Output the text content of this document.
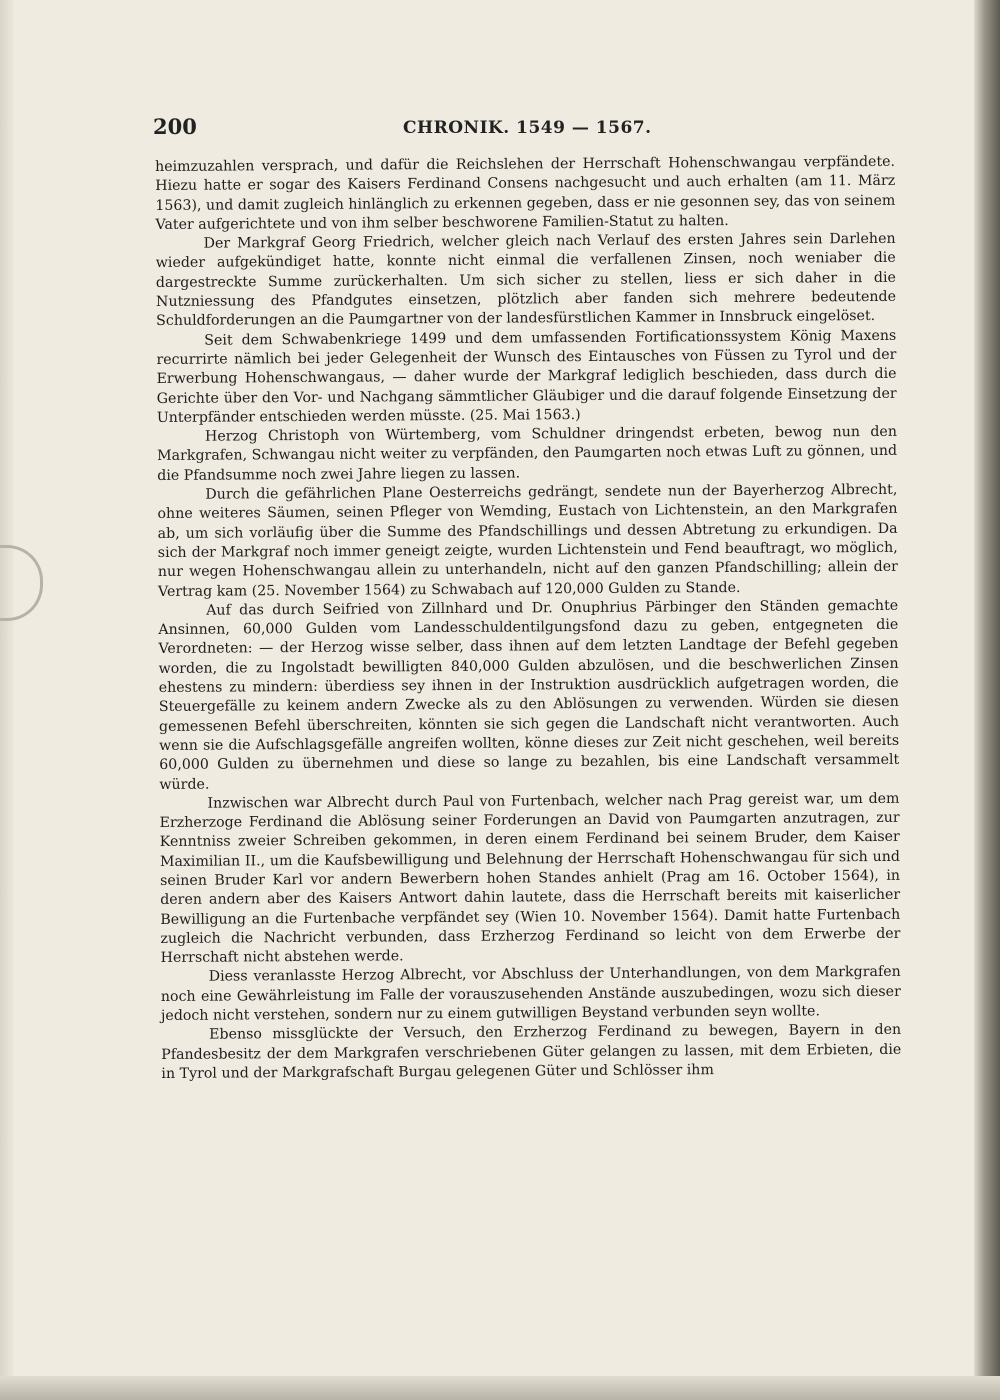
200	CHRONIK. 1549 — 1567.

heimzuzahlen versprach, und dafür die Reichslehen der Herrschaft Hohenschwangau verpfändete. Hiezu hatte er sogar des Kaisers Ferdinand Consens nachgesucht und auch erhalten (am 11. März 1563), und damit zugleich hinlänglich zu erkennen gegeben, dass er nie gesonnen sey, das von seinem Vater aufgerichtete und von ihm selber beschworene Familien-Statut zu halten.

Der Markgraf Georg Friedrich, welcher gleich nach Verlauf des ersten Jahres sein Darlehen wieder aufgekündiget hatte, konnte nicht einmal die verfallenen Zinsen, noch weniaber die dargestreckte Summe zurückerhalten. Um sich sicher zu stellen, liess er sich daher in die Nutzniessung des Pfandgutes einsetzen, plötzlich aber fanden sich mehrere bedeutende Schuldforderungen an die Paumgartner von der landesfürstlichen Kammer in Innsbruck eingelöset.

Seit dem Schwabenkriege 1499 und dem umfassenden Fortificationssystem König Maxens recurrirte nämlich bei jeder Gelegenheit der Wunsch des Eintausches von Füssen zu Tyrol und der Erwerbung Hohenschwangaus, — daher wurde der Markgraf lediglich beschieden, dass durch die Gerichte über den Vor- und Nachgang sämmtlicher Gläubiger und die darauf folgende Einsetzung der Unterpfänder entschieden werden müsste. (25. Mai 1563.)

Herzog Christoph von Würtemberg, vom Schuldner dringendst erbeten, bewog nun den Markgrafen, Schwangau nicht weiter zu verpfänden, den Paumgarten noch etwas Luft zu gönnen, und die Pfandsumme noch zwei Jahre liegen zu lassen.

Durch die gefährlichen Plane Oesterreichs gedrängt, sendete nun der Bayerherzog Albrecht, ohne weiteres Säumen, seinen Pfleger von Wemding, Eustach von Lichtenstein, an den Markgrafen ab, um sich vorläufig über die Summe des Pfandschillings und dessen Abtretung zu erkundigen. Da sich der Markgraf noch immer geneigt zeigte, wurden Lichtenstein und Fend beauftragt, wo möglich, nur wegen Hohenschwangau allein zu unterhandeln, nicht auf den ganzen Pfandschilling; allein der Vertrag kam (25. November 1564) zu Schwabach auf 120,000 Gulden zu Stande.

Auf das durch Seifried von Zillnhard und Dr. Onuphrius Pärbinger den Ständen gemachte Ansinnen, 60,000 Gulden vom Landesschuldentilgungsfond dazu zu geben, entgegneten die Verordneten: — der Herzog wisse selber, dass ihnen auf dem letzten Landtage der Befehl gegeben worden, die zu Ingolstadt bewilligten 840,000 Gulden abzulösen, und die beschwerlichen Zinsen ehestens zu mindern: überdiess sey ihnen in der Instruktion ausdrücklich aufgetragen worden, die Steuergefälle zu keinem andern Zwecke als zu den Ablösungen zu verwenden. Würden sie diesen gemessenen Befehl überschreiten, könnten sie sich gegen die Landschaft nicht verantworten. Auch wenn sie die Aufschlagsgefälle angreifen wollten, könne dieses zur Zeit nicht geschehen, weil bereits 60,000 Gulden zu übernehmen und diese so lange zu bezahlen, bis eine Landschaft versammelt würde.

Inzwischen war Albrecht durch Paul von Furtenbach, welcher nach Prag gereist war, um dem Erzherzoge Ferdinand die Ablösung seiner Forderungen an David von Paumgarten anzutragen, zur Kenntniss zweier Schreiben gekommen, in deren einem Ferdinand bei seinem Bruder, dem Kaiser Maximilian II., um die Kaufsbewilligung und Belehnung der Herrschaft Hohenschwangau für sich und seinen Bruder Karl vor andern Bewerbern hohen Standes anhielt (Prag am 16. October 1564), in deren andern aber des Kaisers Antwort dahin lautete, dass die Herrschaft bereits mit kaiserlicher Bewilligung an die Furtenbache verpfändet sey (Wien 10. November 1564). Damit hatte Furtenbach zugleich die Nachricht verbunden, dass Erzherzog Ferdinand so leicht von dem Erwerbe der Herrschaft nicht abstehen werde.

Diess veranlasste Herzog Albrecht, vor Abschluss der Unterhandlungen, von dem Markgrafen noch eine Gewährleistung im Falle der vorauszusehenden Anstände auszubedingen, wozu sich dieser jedoch nicht verstehen, sondern nur zu einem gutwilligen Beystand verbunden seyn wollte.

Ebenso missglückte der Versuch, den Erzherzog Ferdinand zu bewegen, Bayern in den Pfandesbesitz der dem Markgrafen verschriebenen Güter gelangen zu lassen, mit dem Erbieten, die in Tyrol und der Markgrafschaft Burgau gelegenen Güter und Schlösser ihm
